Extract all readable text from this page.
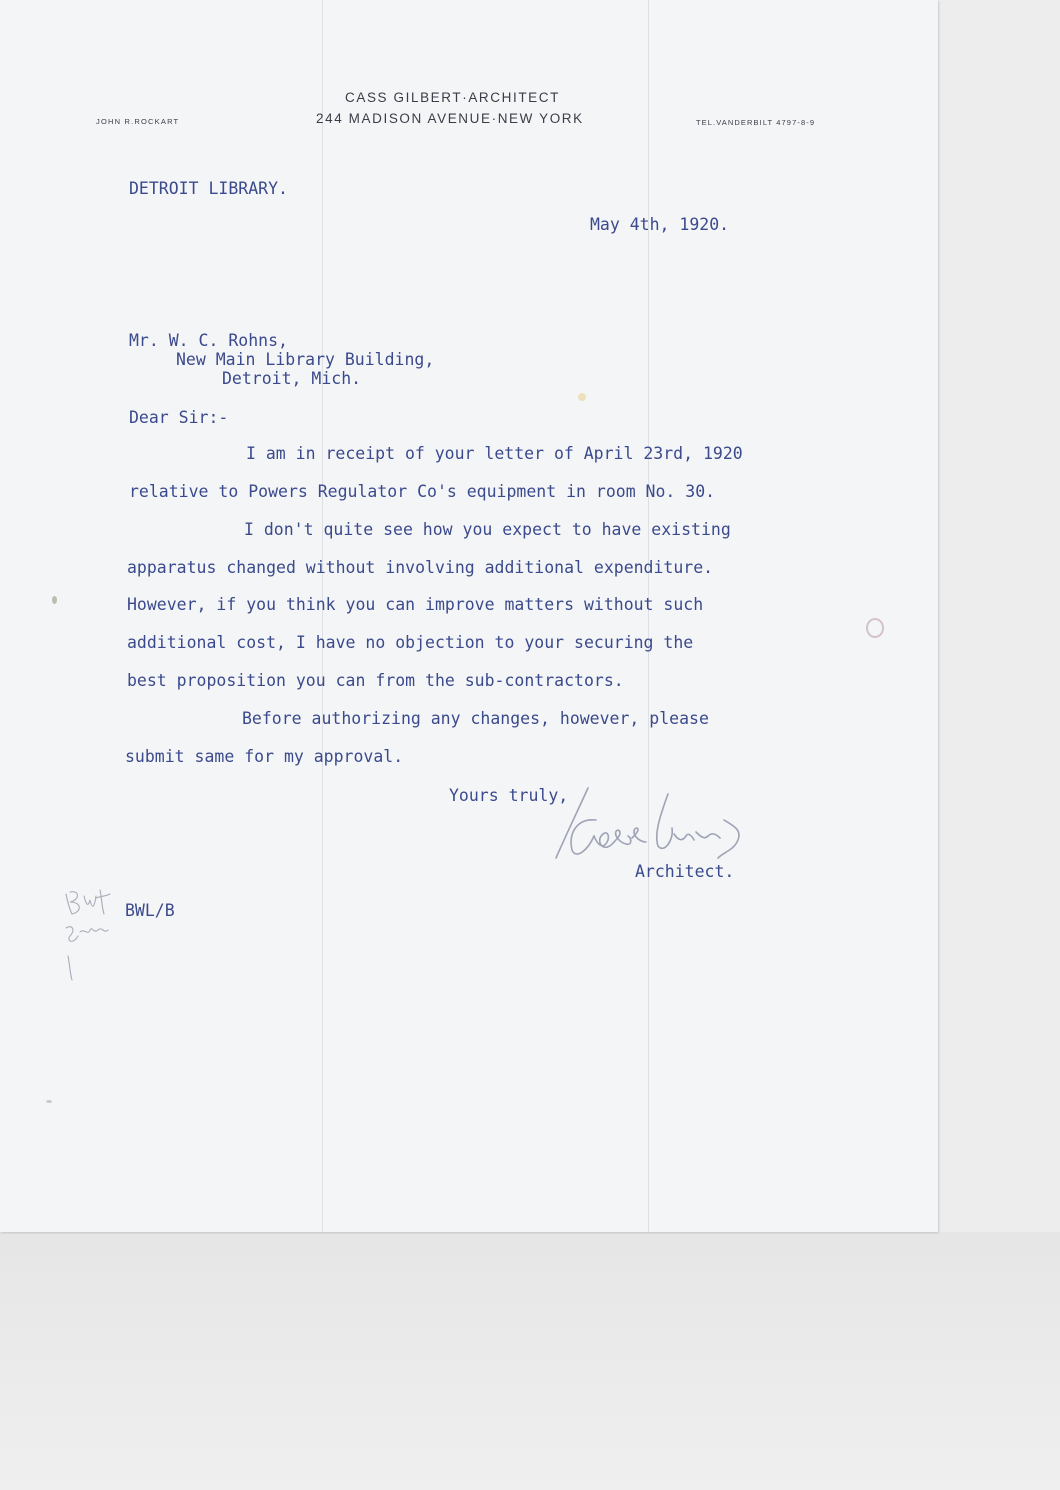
CASS GILBERT·ARCHITECT
244 MADISON AVENUE·NEW YORK
JOHN R.ROCKART	TEL.VANDERBILT 4797-8-9
DETROIT LIBRARY.
May 4th, 1920.
Mr. W. C. Rohns,
New Main Library Building,
Detroit, Mich.
Dear Sir:-
I am in receipt of your letter of April 23rd, 1920
relative to Powers Regulator Co's equipment in room No. 30.
I don't quite see how you expect to have existing
apparatus changed without involving additional expenditure.
However, if you think you can improve matters without such
additional cost, I have no objection to your securing the
best proposition you can from the sub-contractors.
Before authorizing any changes, however, please
submit same for my approval.
Yours truly,
Architect.
BWL/B
